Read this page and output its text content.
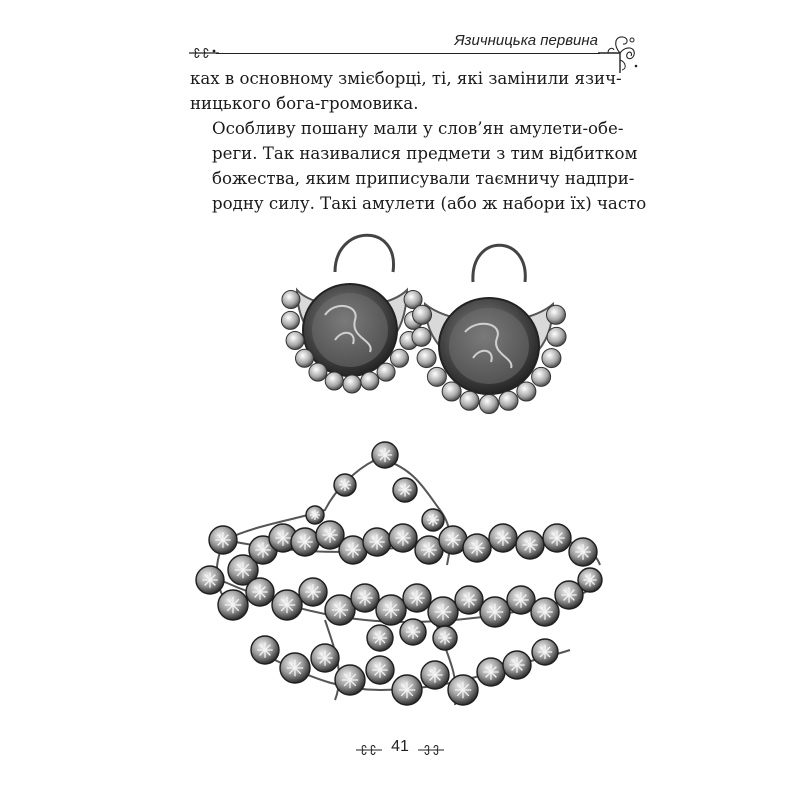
Язичницька первина

ках в основному змієборці, ті, які замінили язич-
ницького бога-громовика.

Особливу пошану мали у слов’ян амулети-обе-
реги. Так називалися предмети з тим відбитком
божества, яким приписували таємничу надпри-
родну силу. Такі амулети (або ж набори їх) часто

41
